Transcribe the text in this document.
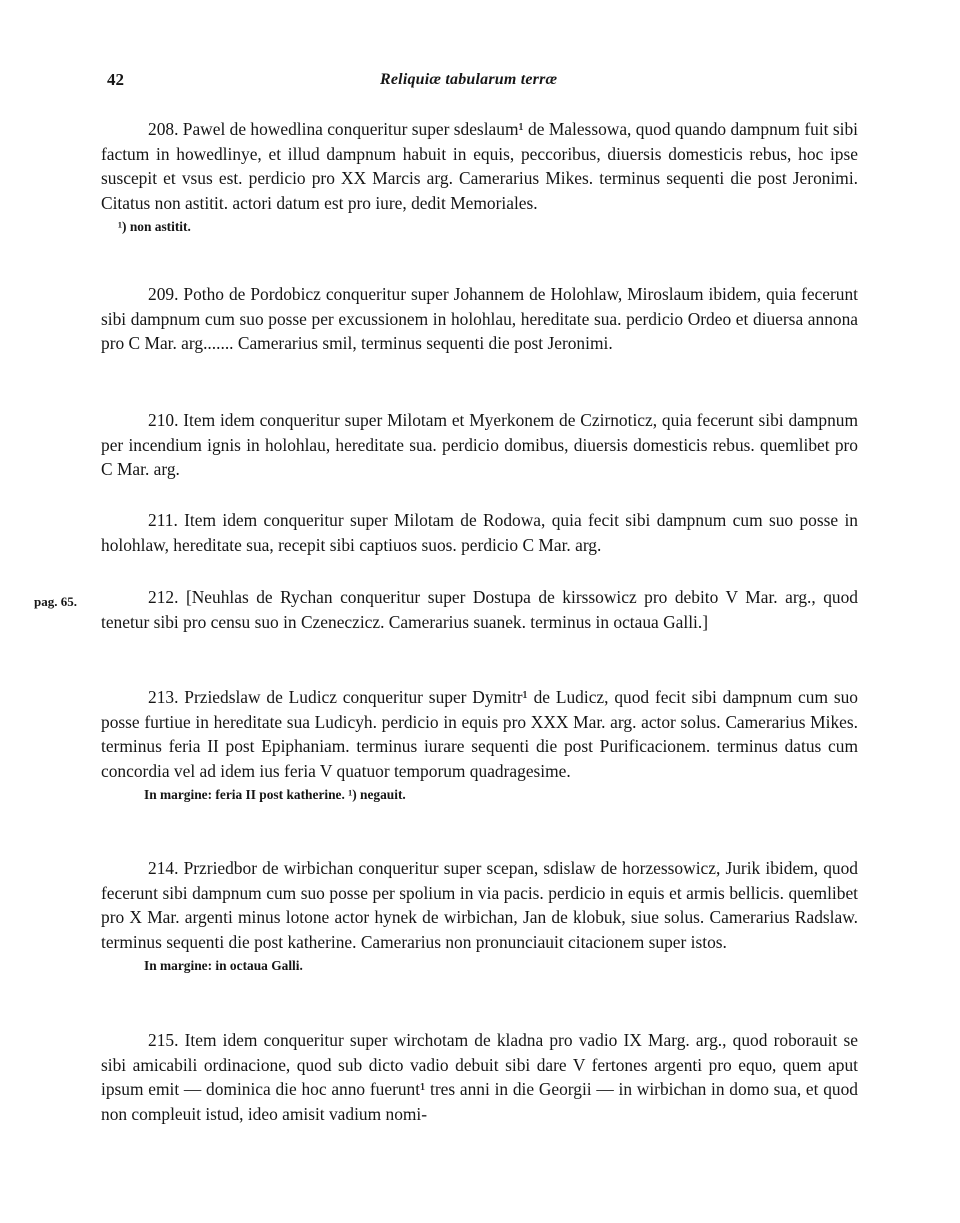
42	Reliquiæ tabularum terræ
pag. 65.

208. Pawel de howedlina conqueritur super sdeslaum¹ de Malessowa, quod quando dampnum fuit sibi factum in howedlinye, et illud dampnum habuit in equis, peccoribus, diuersis domesticis rebus, hoc ipse suscepit et vsus est. perdicio pro XX Marcis arg. Camerarius Mikes. terminus sequenti die post Jeronimi. Citatus non astitit. actori datum est pro iure, dedit Memoriales.

¹) non astitit.

209. Potho de Pordobicz conqueritur super Johannem de Holohlaw, Miroslaum ibidem, quia fecerunt sibi dampnum cum suo posse per excussionem in holohlau, hereditate sua. perdicio Ordeo et diuersa annona pro C Mar. arg....... Camerarius smil, terminus sequenti die post Jeronimi.

210. Item idem conqueritur super Milotam et Myerkonem de Czirnoticz, quia fecerunt sibi dampnum per incendium ignis in holohlau, hereditate sua. perdicio domibus, diuersis domesticis rebus. quemlibet pro C Mar. arg.

211. Item idem conqueritur super Milotam de Rodowa, quia fecit sibi dampnum cum suo posse in holohlaw, hereditate sua, recepit sibi captiuos suos. perdicio C Mar. arg.

212. [Neuhlas de Rychan conqueritur super Dostupa de kirssowicz pro debito V Mar. arg., quod tenetur sibi pro censu suo in Czeneczicz. Camerarius suanek. terminus in octaua Galli.]

213. Prziedslaw de Ludicz conqueritur super Dymitr¹ de Ludicz, quod fecit sibi dampnum cum suo posse furtiue in hereditate sua Ludicyh. perdicio in equis pro XXX Mar. arg. actor solus. Camerarius Mikes. terminus feria II post Epiphaniam. terminus iurare sequenti die post Purificacionem. terminus datus cum concordia vel ad idem ius feria V quatuor temporum quadragesime.

In margine: feria II post katherine. ¹) negauit.

214. Przriedbor de wirbichan conqueritur super scepan, sdislaw de horzessowicz, Jurik ibidem, quod fecerunt sibi dampnum cum suo posse per spolium in via pacis. perdicio in equis et armis bellicis. quemlibet pro X Mar. argenti minus lotone actor hynek de wirbichan, Jan de klobuk, siue solus. Camerarius Radslaw. terminus sequenti die post katherine. Camerarius non pronunciauit citacionem super istos.

In margine: in octaua Galli.

215. Item idem conqueritur super wirchotam de kladna pro vadio IX Marg. arg., quod roborauit se sibi amicabili ordinacione, quod sub dicto vadio debuit sibi dare V fertones argenti pro equo, quem aput ipsum emit — dominica die hoc anno fuerunt¹ tres anni in die Georgii — in wirbichan in domo sua, et quod non compleuit istud, ideo amisit vadium nomi-
